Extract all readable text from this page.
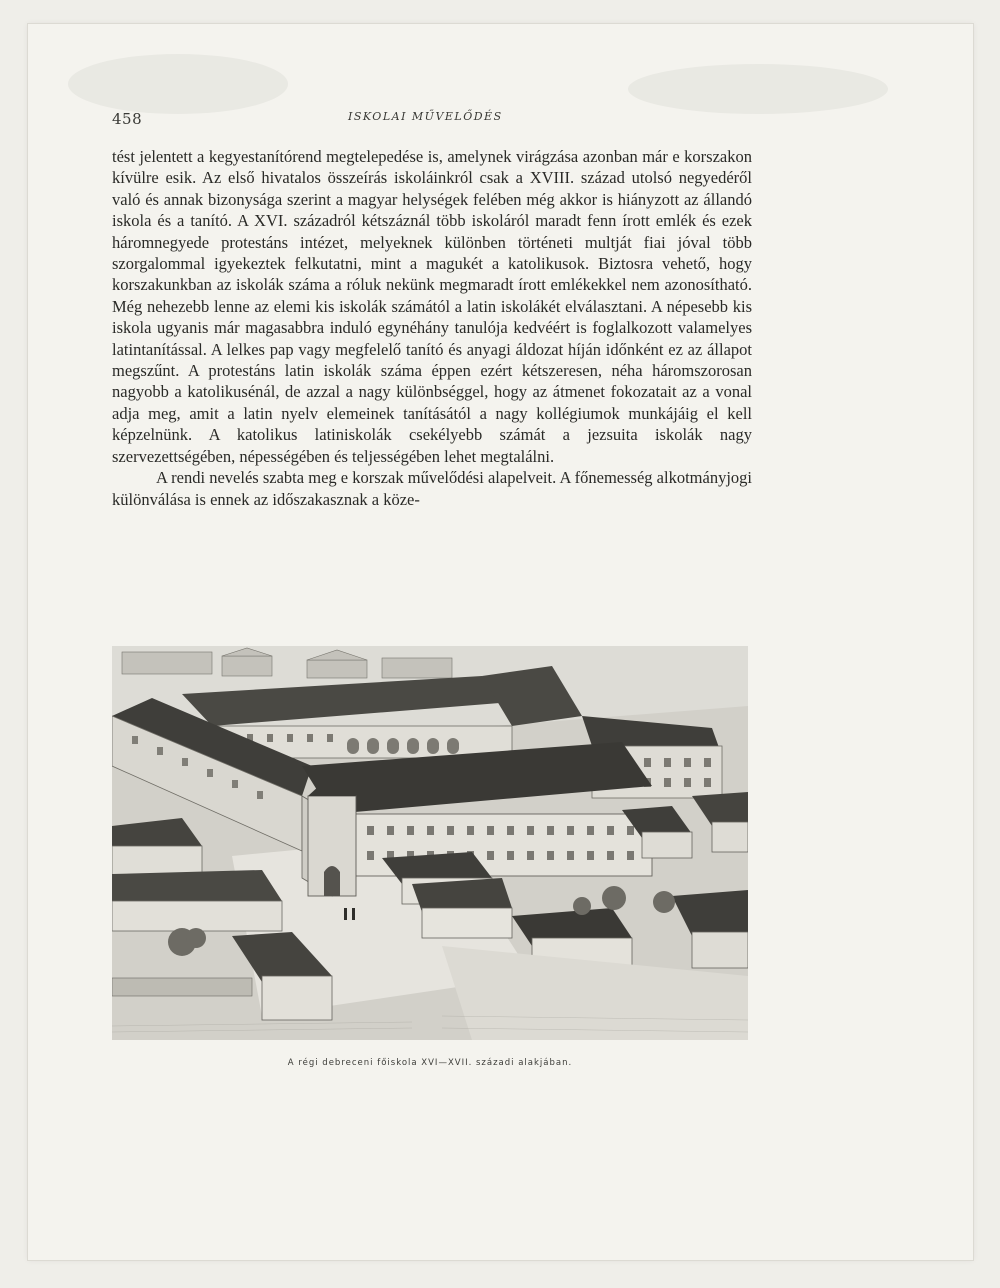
458	ISKOLAI MŰVELŐDÉS

tést jelentett a kegyestanítórend megtelepedése is, amelynek virágzása azonban már e korszakon kívülre esik. Az első hivatalos összeírás iskoláinkról csak a XVIII. század utolsó negyedéről való és annak bizonysága szerint a magyar helységek felében még akkor is hiányzott az állandó iskola és a tanító. A XVI. századról kétszáznál több iskoláról maradt fenn írott emlék és ezek háromnegyede protestáns intézet, melyeknek különben történeti multját fiai jóval több szorgalommal igyekeztek felkutatni, mint a magukét a katolikusok. Biztosra vehető, hogy korszakunkban az iskolák száma a róluk nekünk megmaradt írott emlékekkel nem azonosítható. Még nehezebb lenne az elemi kis iskolák számától a latin iskolákét elválasztani. A népesebb kis iskola ugyanis már magasabbra induló egynéhány tanulója kedvéért is foglalkozott valamelyes latintanítással. A lelkes pap vagy megfelelő tanító és anyagi áldozat híján időnként ez az állapot megszűnt. A protestáns latin iskolák száma éppen ezért kétszeresen, néha háromszorosan nagyobb a katolikusénál, de azzal a nagy különbséggel, hogy az átmenet fokozatait az a vonal adja meg, amit a latin nyelv elemeinek tanításától a nagy kollégiumok munkájáig el kell képzelnünk. A katolikus latiniskolák csekélyebb számát a jezsuita iskolák nagy szervezettségében, népességében és teljességében lehet megtalálni.

A rendi nevelés szabta meg e korszak művelődési alapelveit. A főnemesség alkotmányjogi különválása is ennek az időszakasznak a köze-

A régi debreceni főiskola XVI—XVII. századi alakjában.
